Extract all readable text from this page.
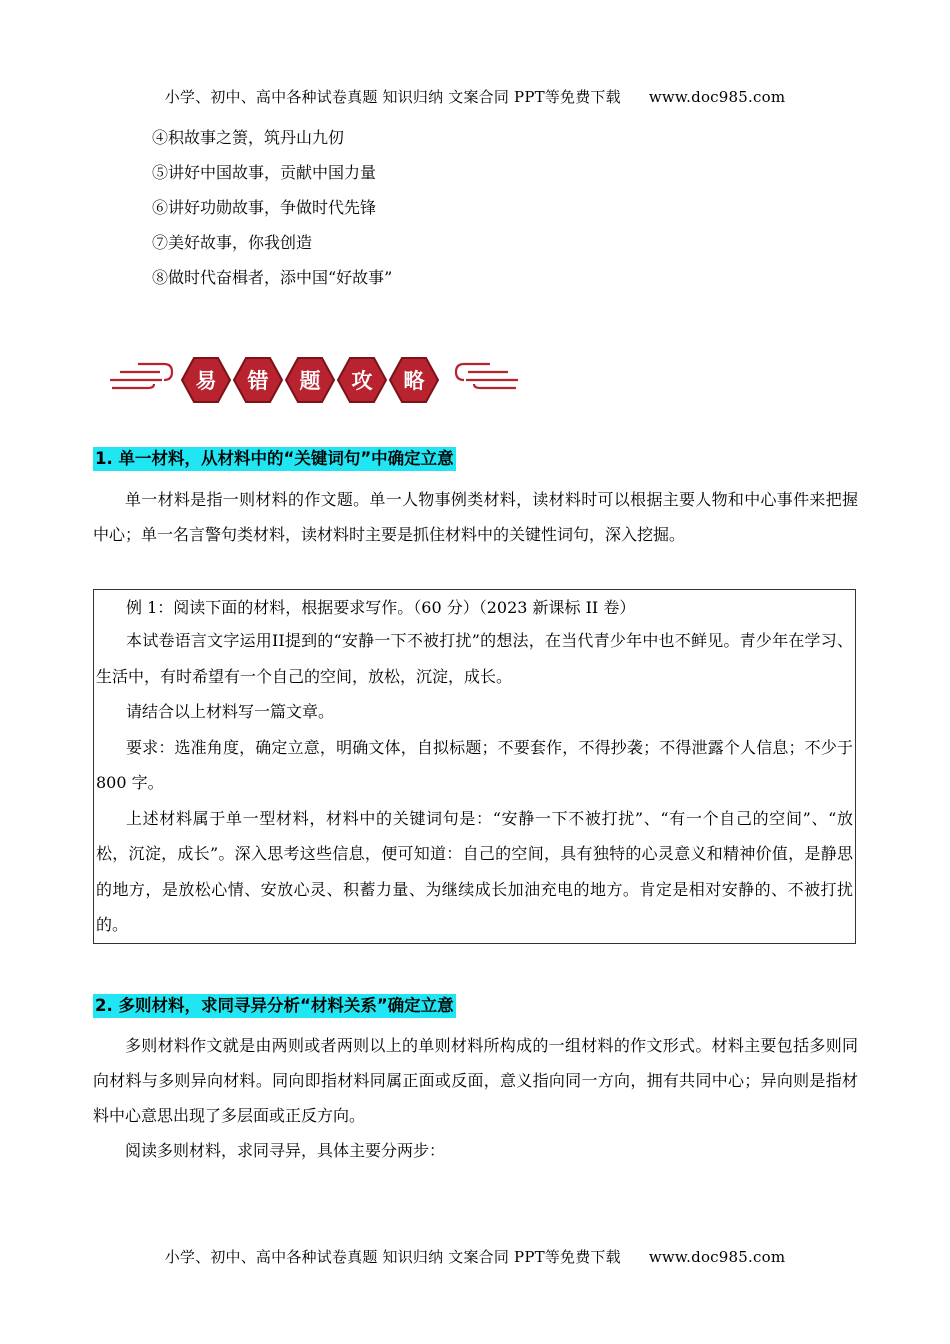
小学、初中、高中各种试卷真题 知识归纳 文案合同 PPT等免费下载 www.doc985.com
④积故事之箦，筑丹山九仞
⑤讲好中国故事，贡献中国力量
⑥讲好功勋故事，争做时代先锋
⑦美好故事，你我创造
⑧做时代奋楫者，添中国“好故事”
易 错 题 攻 略
1. 单一材料，从材料中的“关键词句”中确定立意
单一材料是指一则材料的作文题。单一人物事例类材料，读材料时可以根据主要人物和中心事件来把握中心；单一名言警句类材料，读材料时主要是抓住材料中的关键性词句，深入挖掘。

例 1：阅读下面的材料，根据要求写作。（60 分）（2023 新课标 II 卷）

本试卷语言文字运用II提到的“安静一下不被打扰”的想法，在当代青少年中也不鲜见。青少年在学习、生活中，有时希望有一个自己的空间，放松，沉淀，成长。

请结合以上材料写一篇文章。

要求：选准角度，确定立意，明确文体，自拟标题；不要套作，不得抄袭；不得泄露个人信息；不少于 800 字。

上述材料属于单一型材料，材料中的关键词句是：“安静一下不被打扰”、“有一个自己的空间”、“放松，沉淀，成长”。深入思考这些信息，便可知道：自己的空间，具有独特的心灵意义和精神价值，是静思的地方，是放松心情、安放心灵、积蓄力量、为继续成长加油充电的地方。肯定是相对安静的、不被打扰的。

2. 多则材料，求同寻异分析“材料关系”确定立意
多则材料作文就是由两则或者两则以上的单则材料所构成的一组材料的作文形式。材料主要包括多则同向材料与多则异向材料。同向即指材料同属正面或反面，意义指向同一方向，拥有共同中心；异向则是指材料中心意思出现了多层面或正反方向。
阅读多则材料，求同寻异，具体主要分两步：
小学、初中、高中各种试卷真题 知识归纳 文案合同 PPT等免费下载 www.doc985.com
